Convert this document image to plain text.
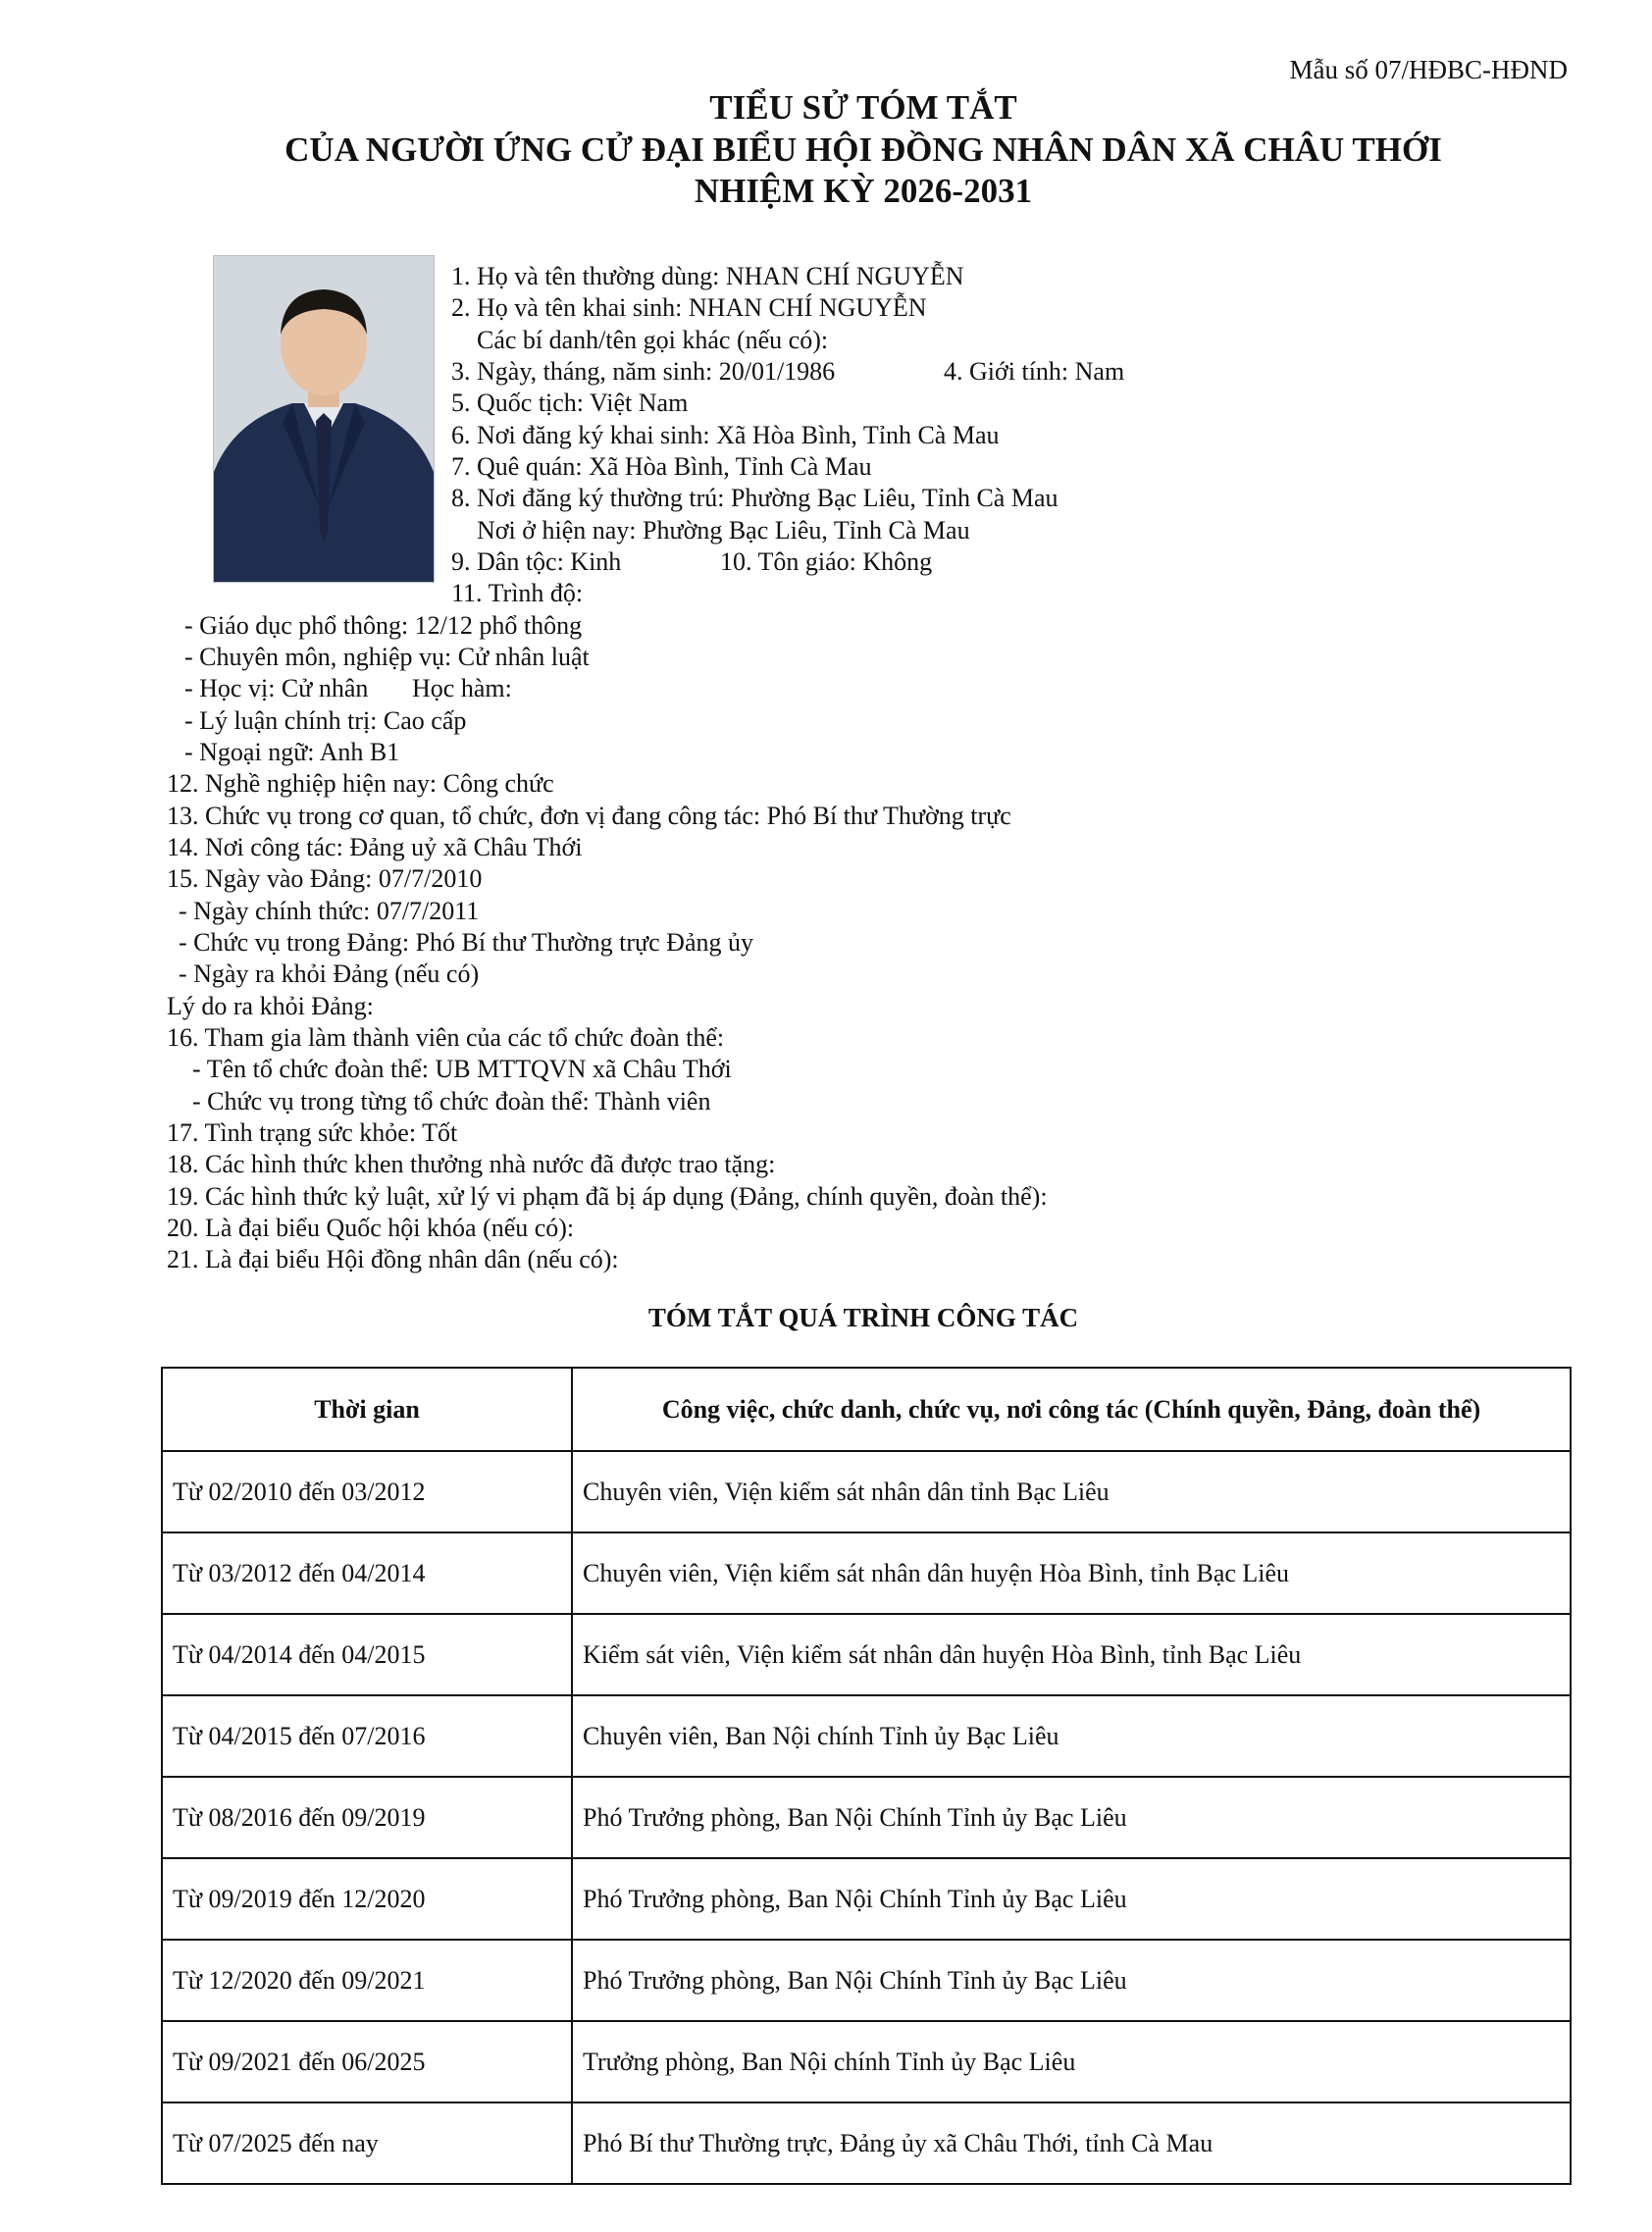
Mẫu số 07/HĐBC-HĐND
TIỂU SỬ TÓM TẮT
CỦA NGƯỜI ỨNG CỬ ĐẠI BIỂU HỘI ĐỒNG NHÂN DÂN XÃ CHÂU THỚI
NHIỆM KỲ 2026-2031
1. Họ và tên thường dùng: NHAN CHÍ NGUYỄN
2. Họ và tên khai sinh: NHAN CHÍ NGUYỄN
Các bí danh/tên gọi khác (nếu có):
3. Ngày, tháng, năm sinh: 20/01/1986	4. Giới tính: Nam
5. Quốc tịch: Việt Nam
6. Nơi đăng ký khai sinh: Xã Hòa Bình, Tỉnh Cà Mau
7. Quê quán: Xã Hòa Bình, Tỉnh Cà Mau
8. Nơi đăng ký thường trú: Phường Bạc Liêu, Tỉnh Cà Mau
Nơi ở hiện nay: Phường Bạc Liêu, Tỉnh Cà Mau
9. Dân tộc: Kinh	10. Tôn giáo: Không
11. Trình độ:
- Giáo dục phổ thông: 12/12 phổ thông
- Chuyên môn, nghiệp vụ: Cử nhân luật
- Học vị: Cử nhân Học hàm:
- Lý luận chính trị: Cao cấp
- Ngoại ngữ: Anh B1
12. Nghề nghiệp hiện nay: Công chức
13. Chức vụ trong cơ quan, tổ chức, đơn vị đang công tác: Phó Bí thư Thường trực
14. Nơi công tác: Đảng uỷ xã Châu Thới
15. Ngày vào Đảng: 07/7/2010
- Ngày chính thức: 07/7/2011
- Chức vụ trong Đảng: Phó Bí thư Thường trực Đảng ủy
- Ngày ra khỏi Đảng (nếu có)
Lý do ra khỏi Đảng:
16. Tham gia làm thành viên của các tổ chức đoàn thể:
- Tên tổ chức đoàn thể: UB MTTQVN xã Châu Thới
- Chức vụ trong từng tổ chức đoàn thể: Thành viên
17. Tình trạng sức khỏe: Tốt
18. Các hình thức khen thưởng nhà nước đã được trao tặng:
19. Các hình thức kỷ luật, xử lý vi phạm đã bị áp dụng (Đảng, chính quyền, đoàn thể):
20. Là đại biểu Quốc hội khóa (nếu có):
21. Là đại biểu Hội đồng nhân dân (nếu có):
TÓM TẮT QUÁ TRÌNH CÔNG TÁC
Thời gian	Công việc, chức danh, chức vụ, nơi công tác (Chính quyền, Đảng, đoàn thể)
Từ 02/2010 đến 03/2012	Chuyên viên, Viện kiểm sát nhân dân tỉnh Bạc Liêu
Từ 03/2012 đến 04/2014	Chuyên viên, Viện kiểm sát nhân dân huyện Hòa Bình, tỉnh Bạc Liêu
Từ 04/2014 đến 04/2015	Kiểm sát viên, Viện kiểm sát nhân dân huyện Hòa Bình, tỉnh Bạc Liêu
Từ 04/2015 đến 07/2016	Chuyên viên, Ban Nội chính Tỉnh ủy Bạc Liêu
Từ 08/2016 đến 09/2019	Phó Trưởng phòng, Ban Nội Chính Tỉnh ủy Bạc Liêu
Từ 09/2019 đến 12/2020	Phó Trưởng phòng, Ban Nội Chính Tỉnh ủy Bạc Liêu
Từ 12/2020 đến 09/2021	Phó Trưởng phòng, Ban Nội Chính Tỉnh ủy Bạc Liêu
Từ 09/2021 đến 06/2025	Trưởng phòng, Ban Nội chính Tỉnh ủy Bạc Liêu
Từ 07/2025 đến nay	Phó Bí thư Thường trực, Đảng ủy xã Châu Thới, tỉnh Cà Mau
